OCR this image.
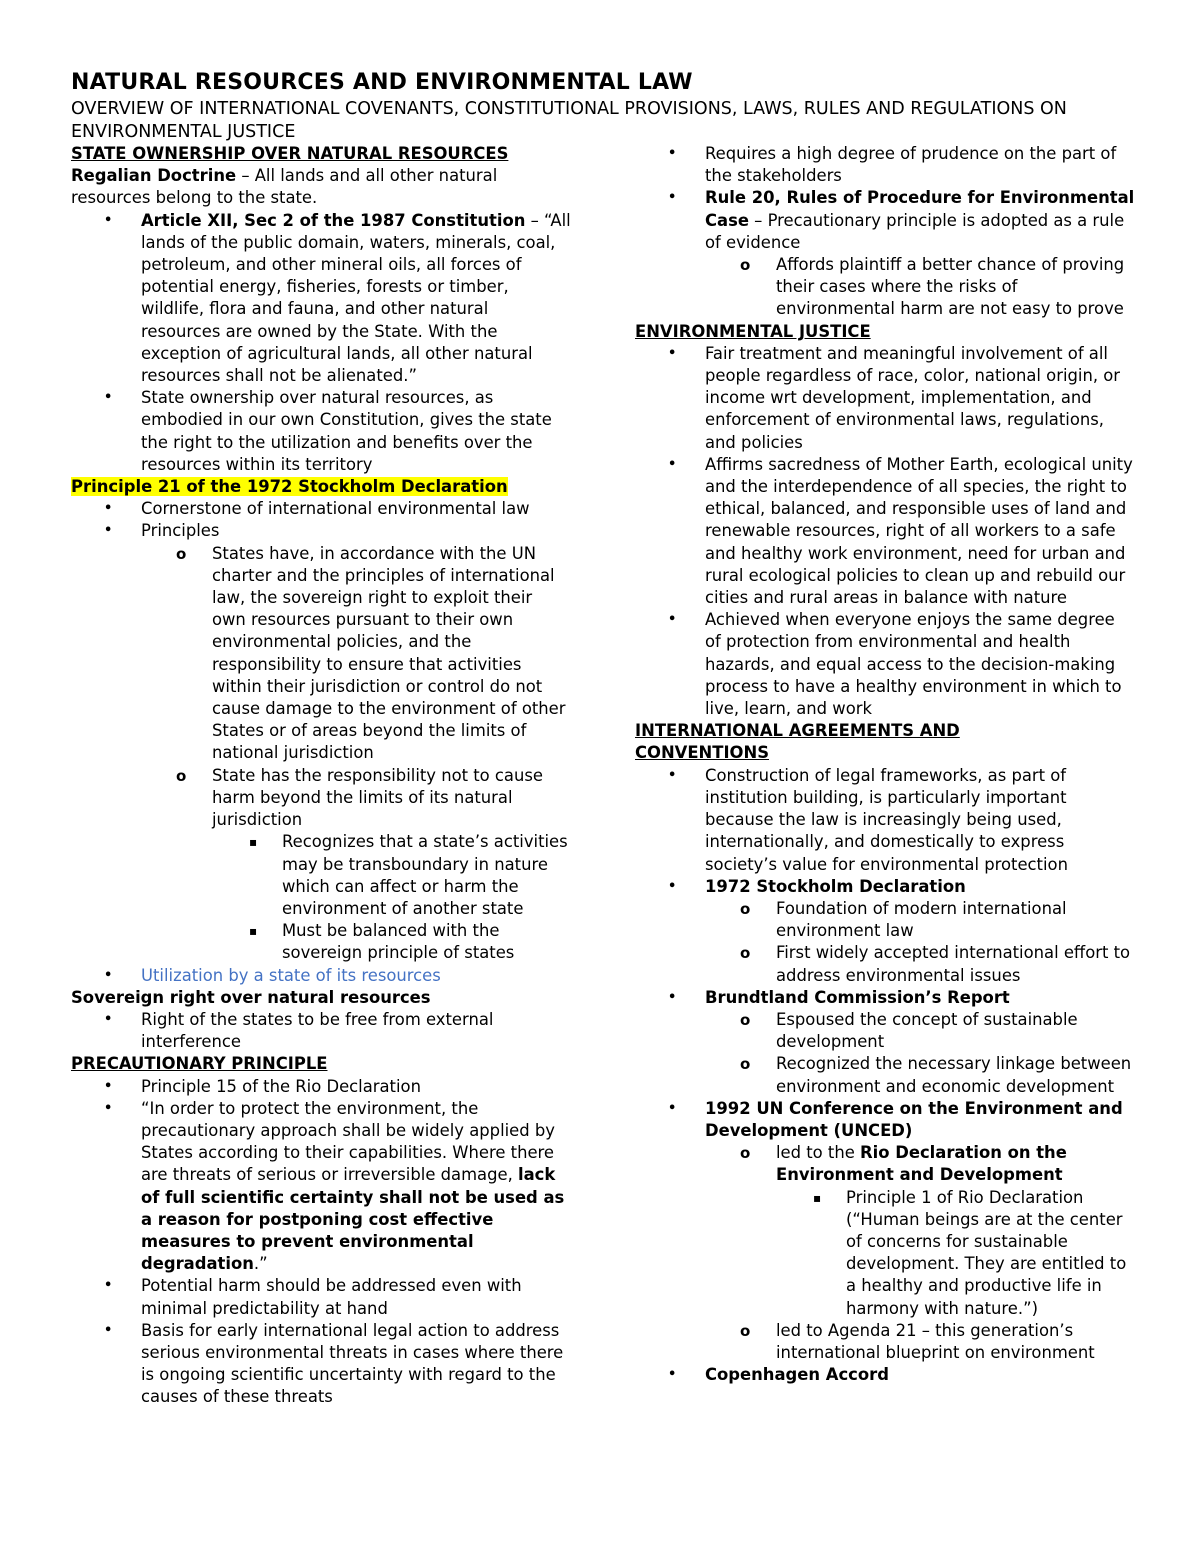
NATURAL RESOURCES AND ENVIRONMENTAL LAW
OVERVIEW OF INTERNATIONAL COVENANTS, CONSTITUTIONAL PROVISIONS, LAWS, RULES AND REGULATIONS ON ENVIRONMENTAL JUSTICE
STATE OWNERSHIP OVER NATURAL RESOURCES
Regalian Doctrine – All lands and all other natural resources belong to the state.
• Article XII, Sec 2 of the 1987 Constitution – “All lands of the public domain, waters, minerals, coal, petroleum, and other mineral oils, all forces of potential energy, fisheries, forests or timber, wildlife, flora and fauna, and other natural resources are owned by the State. With the exception of agricultural lands, all other natural resources shall not be alienated.”
• State ownership over natural resources, as embodied in our own Constitution, gives the state the right to the utilization and benefits over the resources within its territory
Principle 21 of the 1972 Stockholm Declaration
• Cornerstone of international environmental law
• Principles
o States have, in accordance with the UN charter and the principles of international law, the sovereign right to exploit their own resources pursuant to their own environmental policies, and the responsibility to ensure that activities within their jurisdiction or control do not cause damage to the environment of other States or of areas beyond the limits of national jurisdiction
o State has the responsibility not to cause harm beyond the limits of its natural jurisdiction
▪ Recognizes that a state’s activities may be transboundary in nature which can affect or harm the environment of another state
▪ Must be balanced with the sovereign principle of states
• Utilization by a state of its resources
Sovereign right over natural resources
• Right of the states to be free from external interference
PRECAUTIONARY PRINCIPLE
• Principle 15 of the Rio Declaration
• “In order to protect the environment, the precautionary approach shall be widely applied by States according to their capabilities. Where there are threats of serious or irreversible damage, lack of full scientific certainty shall not be used as a reason for postponing cost effective measures to prevent environmental degradation.”
• Potential harm should be addressed even with minimal predictability at hand
• Basis for early international legal action to address serious environmental threats in cases where there is ongoing scientific uncertainty with regard to the causes of these threats
• Requires a high degree of prudence on the part of the stakeholders
• Rule 20, Rules of Procedure for Environmental Case – Precautionary principle is adopted as a rule of evidence
o Affords plaintiff a better chance of proving their cases where the risks of environmental harm are not easy to prove
ENVIRONMENTAL JUSTICE
• Fair treatment and meaningful involvement of all people regardless of race, color, national origin, or income wrt development, implementation, and enforcement of environmental laws, regulations, and policies
• Affirms sacredness of Mother Earth, ecological unity and the interdependence of all species, the right to ethical, balanced, and responsible uses of land and renewable resources, right of all workers to a safe and healthy work environment, need for urban and rural ecological policies to clean up and rebuild our cities and rural areas in balance with nature
• Achieved when everyone enjoys the same degree of protection from environmental and health hazards, and equal access to the decision-making process to have a healthy environment in which to live, learn, and work
INTERNATIONAL AGREEMENTS AND CONVENTIONS
• Construction of legal frameworks, as part of institution building, is particularly important because the law is increasingly being used, internationally, and domestically to express society’s value for environmental protection
• 1972 Stockholm Declaration
o Foundation of modern international environment law
o First widely accepted international effort to address environmental issues
• Brundtland Commission’s Report
o Espoused the concept of sustainable development
o Recognized the necessary linkage between environment and economic development
• 1992 UN Conference on the Environment and Development (UNCED)
o led to the Rio Declaration on the Environment and Development
▪ Principle 1 of Rio Declaration (“Human beings are at the center of concerns for sustainable development. They are entitled to a healthy and productive life in harmony with nature.”)
o led to Agenda 21 – this generation’s international blueprint on environment
• Copenhagen Accord
